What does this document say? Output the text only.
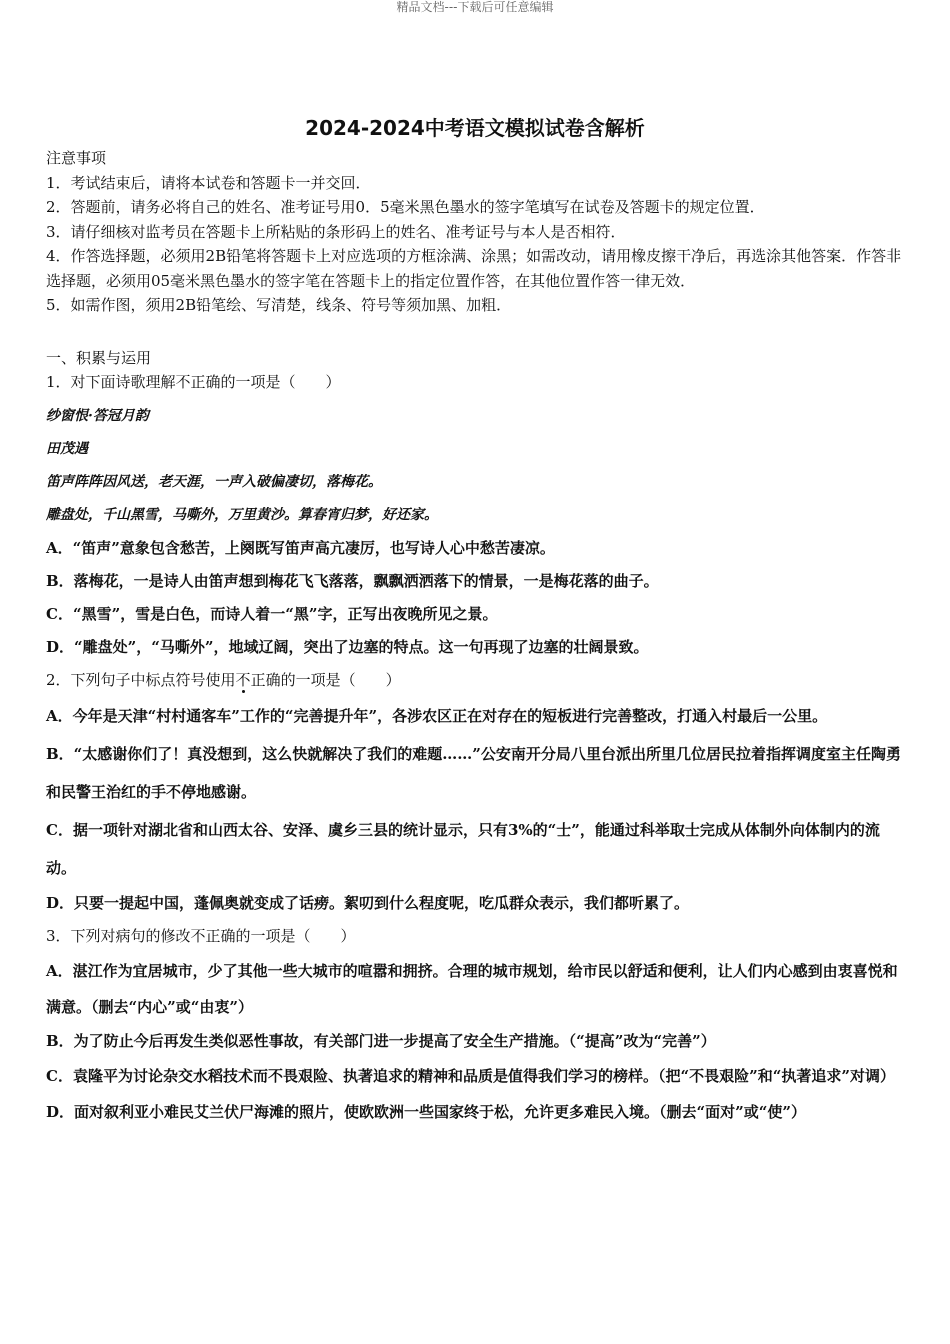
精品文档---下载后可任意编辑
2024-2024中考语文模拟试卷含解析

注意事项

1．考试结束后，请将本试卷和答题卡一并交回．

2．答题前，请务必将自己的姓名、准考证号用0．5毫米黑色墨水的签字笔填写在试卷及答题卡的规定位置．

3．请仔细核对监考员在答题卡上所粘贴的条形码上的姓名、准考证号与本人是否相符．

4．作答选择题，必须用2B铅笔将答题卡上对应选项的方框涂满、涂黑；如需改动，请用橡皮擦干净后，再选涂其他答案．作答非选择题，必须用05毫米黑色墨水的签字笔在答题卡上的指定位置作答，在其他位置作答一律无效．

5．如需作图，须用2B铅笔绘、写清楚，线条、符号等须加黑、加粗．

一、积累与运用

1．对下面诗歌理解不正确的一项是（　　）

纱窗恨·答冠月韵

田茂遇

笛声阵阵因风送，老天涯，一声入破偏凄切，落梅花。

雕盘处，千山黑雪，马嘶外，万里黄沙。算春宵归梦，好还家。

A．“笛声”意象包含愁苦，上阕既写笛声高亢凄厉，也写诗人心中愁苦凄凉。

B．落梅花，一是诗人由笛声想到梅花飞飞落落，飘飘洒洒落下的情景，一是梅花落的曲子。

C．“黑雪”，雪是白色，而诗人着一“黑”字，正写出夜晚所见之景。

D．“雕盘处”，“马嘶外”，地域辽阔，突出了边塞的特点。这一句再现了边塞的壮阔景致。

2．下列句子中标点符号使用不正确的一项是（　　）

A．今年是天津“村村通客车”工作的“完善提升年”，各涉农区正在对存在的短板进行完善整改，打通入村最后一公里。

B．“太感谢你们了！真没想到，这么快就解决了我们的难题……”公安南开分局八里台派出所里几位居民拉着指挥调度室主任陶勇和民警王治红的手不停地感谢。

C．据一项针对湖北省和山西太谷、安泽、虞乡三县的统计显示，只有3%的“士”，能通过科举取士完成从体制外向体制内的流动。

D．只要一提起中国，蓬佩奥就变成了话痨。絮叨到什么程度呢，吃瓜群众表示，我们都听累了。

3．下列对病句的修改不正确的一项是（　　）

A．湛江作为宜居城市，少了其他一些大城市的喧嚣和拥挤。合理的城市规划，给市民以舒适和便利，让人们内心感到由衷喜悦和满意。（删去“内心”或“由衷”）

B．为了防止今后再发生类似恶性事故，有关部门进一步提高了安全生产措施。（“提高”改为“完善”）

C．袁隆平为讨论杂交水稻技术而不畏艰险、执著追求的精神和品质是值得我们学习的榜样。（把“不畏艰险”和“执著追求”对调）

D．面对叙利亚小难民艾兰伏尸海滩的照片，使欧欧洲一些国家终于松，允许更多难民入境。（删去“面对”或“使”）
